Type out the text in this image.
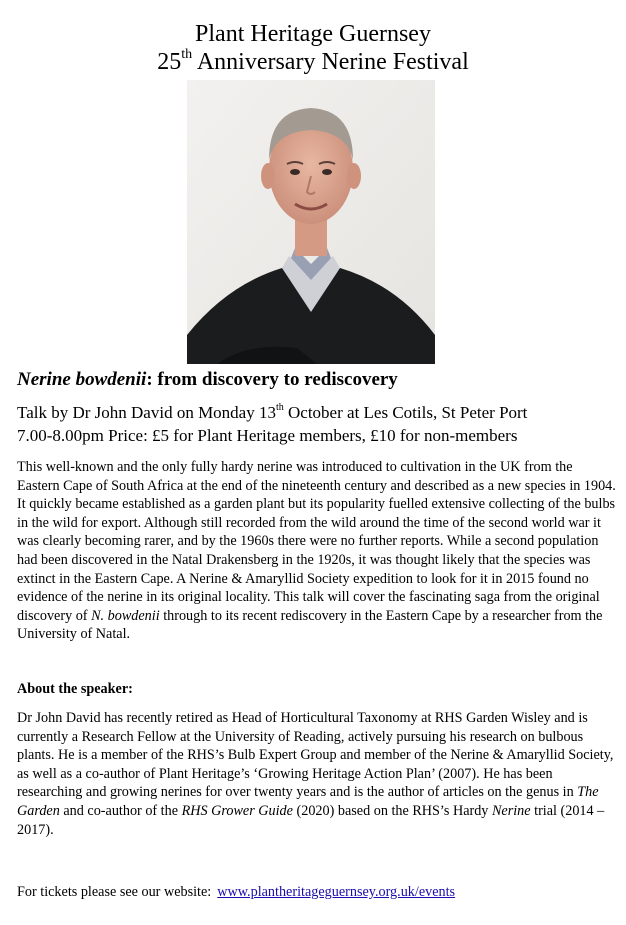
Plant Heritage Guernsey
25th Anniversary Nerine Festival
Nerine bowdenii: from discovery to rediscovery
Talk by Dr John David on Monday 13th October at Les Cotils, St Peter Port
7.00-8.00pm Price: £5 for Plant Heritage members, £10 for non-members
This well-known and the only fully hardy nerine was introduced to cultivation in the UK from the Eastern Cape of South Africa at the end of the nineteenth century and described as a new species in 1904. It quickly became established as a garden plant but its popularity fuelled extensive collecting of the bulbs in the wild for export. Although still recorded from the wild around the time of the second world war it was clearly becoming rarer, and by the 1960s there were no further reports. While a second population had been discovered in the Natal Drakensberg in the 1920s, it was thought likely that the species was extinct in the Eastern Cape. A Nerine & Amaryllid Society expedition to look for it in 2015 found no evidence of the nerine in its original locality. This talk will cover the fascinating saga from the original discovery of N. bowdenii through to its recent rediscovery in the Eastern Cape by a researcher from the University of Natal.
About the speaker:
Dr John David has recently retired as Head of Horticultural Taxonomy at RHS Garden Wisley and is currently a Research Fellow at the University of Reading, actively pursuing his research on bulbous plants. He is a member of the RHS’s Bulb Expert Group and member of the Nerine & Amaryllid Society, as well as a co-author of Plant Heritage’s ‘Growing Heritage Action Plan’ (2007). He has been researching and growing nerines for over twenty years and is the author of articles on the genus in The Garden and co-author of the RHS Grower Guide (2020) based on the RHS’s Hardy Nerine trial (2014 – 2017).
For tickets please see our website: www.plantheritageguernsey.org.uk/events
